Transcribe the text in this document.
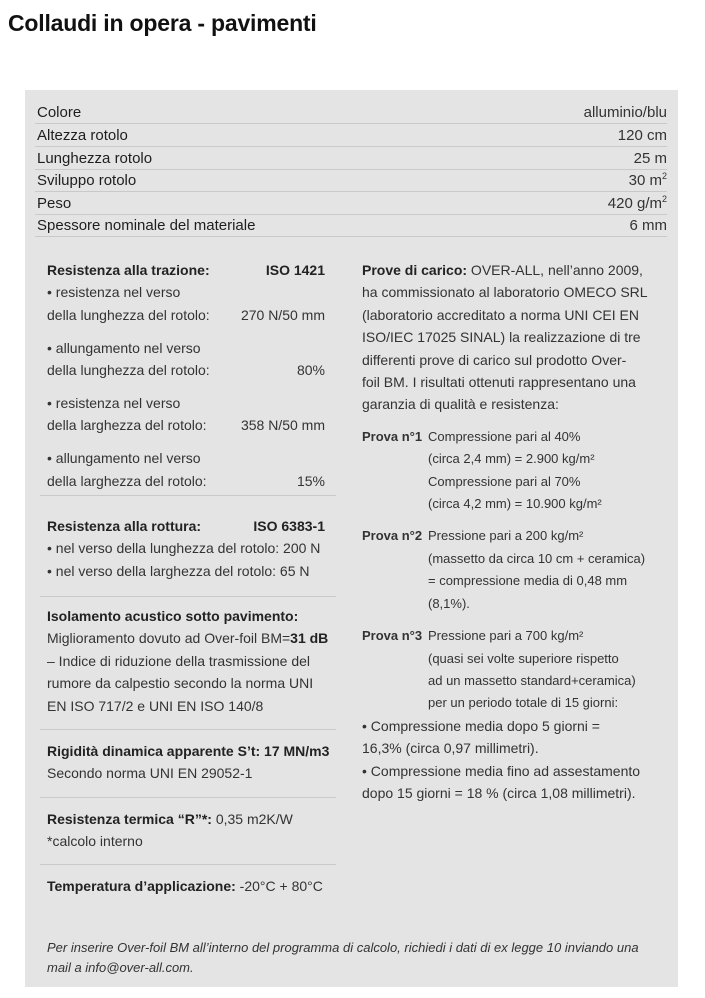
Collaudi in opera - pavimenti
Colore	alluminio/blu
Altezza rotolo	120 cm
Lunghezza rotolo	25 m
Sviluppo rotolo	30 $m^2$
Peso	420 $g/m^2$
Spessore nominale del materiale	6 mm
Resistenza alla trazione:	ISO 1421
• resistenza nel verso
della lunghezza del rotolo: 270 N/50 mm
• allungamento nel verso
della lunghezza del rotolo:	80%
• resistenza nel verso
della larghezza del rotolo: 358 N/50 mm
• allungamento nel verso
della larghezza del rotolo:	15%
Resistenza alla rottura:	ISO 6383-1
• nel verso della lunghezza del rotolo: 200 N
• nel verso della larghezza del rotolo: 65 N
Isolamento acustico sotto pavimento:
Miglioramento dovuto ad Over-foil BM=31 dB
– Indice di riduzione della trasmissione del
rumore da calpestio secondo la norma UNI
EN ISO 717/2 e UNI EN ISO 140/8
Rigidità dinamica apparente S’t: 17 MN/m3
Secondo norma UNI EN 29052-1
Resistenza termica “R”*: 0,35 m2K/W
*calcolo interno
Temperatura d’applicazione: -20°C + 80°C
Prove di carico: OVER-ALL, nell’anno 2009,
ha commissionato al laboratorio OMECO SRL
(laboratorio accreditato a norma UNI CEI EN
ISO/IEC 17025 SINAL) la realizzazione di tre
differenti prove di carico sul prodotto Over-
foil BM. I risultati ottenuti rappresentano una
garanzia di qualità e resistenza:
Prova n°1 Compressione pari al 40%
(circa 2,4 mm) = 2.900 kg/m²
Compressione pari al 70%
(circa 4,2 mm) = 10.900 kg/m²
Prova n°2 Pressione pari a 200 kg/m²
(massetto da circa 10 cm + ceramica)
= compressione media di 0,48 mm
(8,1%).
Prova n°3 Pressione pari a 700 kg/m²
(quasi sei volte superiore rispetto
ad un massetto standard+ceramica)
per un periodo totale di 15 giorni:
• Compressione media dopo 5 giorni =
16,3% (circa 0,97 millimetri).
• Compressione media fino ad assestamento
dopo 15 giorni = 18 % (circa 1,08 millimetri).
Per inserire Over-foil BM all’interno del programma di calcolo, richiedi i dati di ex legge 10 inviando una mail a info@over-all.com.
